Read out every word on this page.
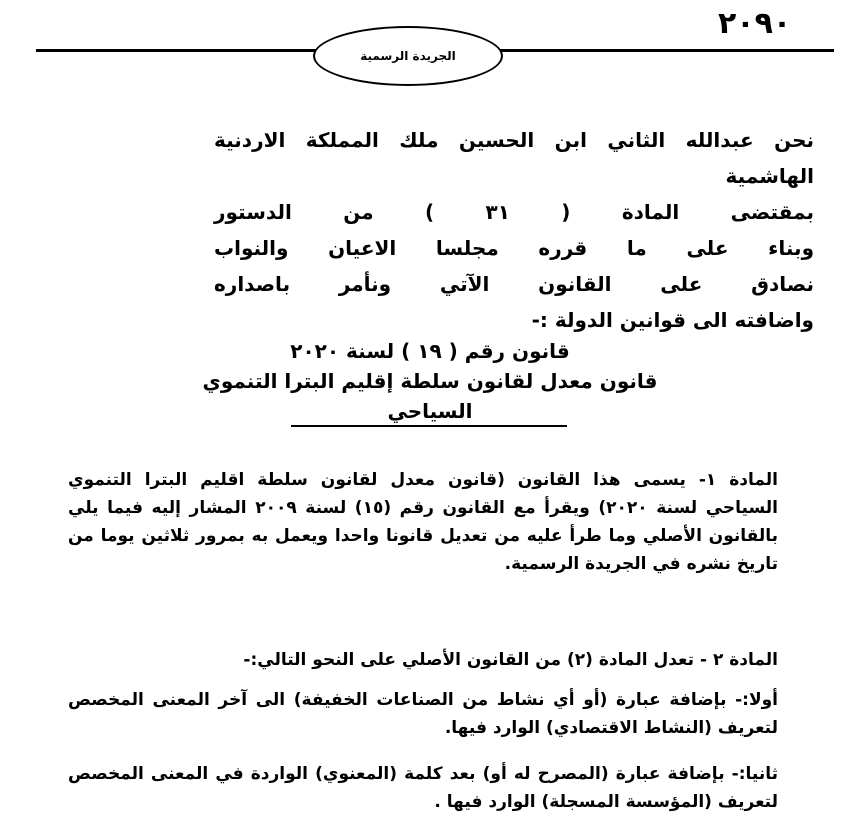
٢٠٩٠
الجريدة الرسمية
نحن عبدالله الثاني ابن الحسين ملك المملكة الاردنية الهاشمية
بمقتضى المادة ( ٣١ ) من الدستور
وبناء على ما قرره مجلسا الاعيان والنواب
نصادق على القانون الآتي ونأمر باصداره
واضافته الى قوانين الدولة :-
قانون رقم ( ١٩ ) لسنة ٢٠٢٠
قانون معدل لقانون سلطة إقليم البترا التنموي السياحي
المادة ١- يسمى هذا القانون (قانون معدل لقانون سلطة اقليم البترا التنموي السياحي لسنة ٢٠٢٠) ويقرأ مع القانون رقم (١٥) لسنة ٢٠٠٩ المشار إليه فيما يلي بالقانون الأصلي وما طرأ عليه من تعديل قانونا واحدا ويعمل به بمرور ثلاثين يوما من تاريخ نشره في الجريدة الرسمية.
المادة ٢ - تعدل المادة (٢) من القانون الأصلي على النحو التالي:-
أولا:- بإضافة عبارة (أو أي نشاط من الصناعات الخفيفة) الى آخر المعنى المخصص لتعريف (النشاط الاقتصادي) الوارد فيها.
ثانيا:- بإضافة عبارة (المصرح له أو) بعد كلمة (المعنوي) الواردة في المعنى المخصص لتعريف (المؤسسة المسجلة) الوارد فيها .
